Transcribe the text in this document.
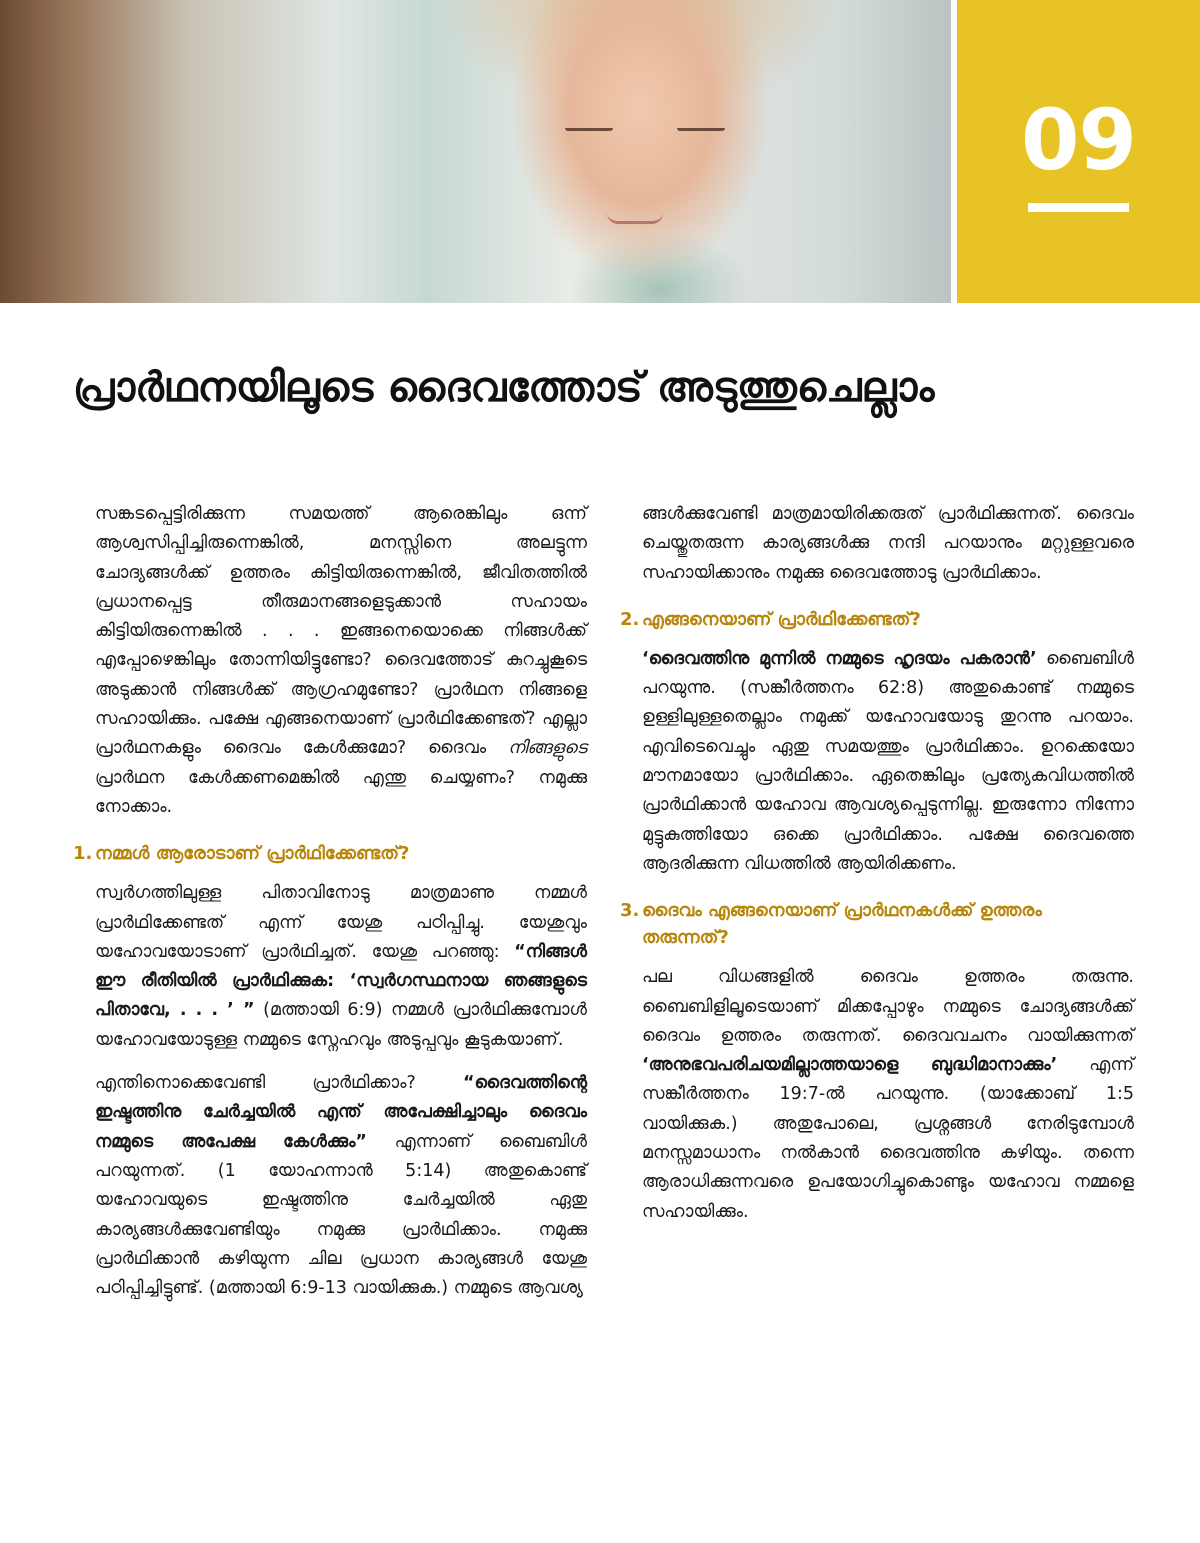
09
പ്രാർഥനയിലൂടെ ദൈവത്തോട് അടുത്തുചെല്ലാം

സങ്കടപ്പെട്ടിരിക്കുന്ന സമയത്ത് ആരെങ്കിലും ഒന്ന് ആശ്വസിപ്പിച്ചിരുന്നെങ്കിൽ, മനസ്സിനെ അലട്ടുന്ന ചോദ്യങ്ങൾക്ക് ഉത്തരം കിട്ടിയിരുന്നെങ്കിൽ, ജീവിതത്തിൽ പ്രധാനപ്പെട്ട തീരുമാനങ്ങളെടുക്കാൻ സഹായം കിട്ടിയിരുന്നെങ്കിൽ . . . ഇങ്ങനെയൊക്കെ നിങ്ങൾക്ക് എപ്പോഴെങ്കിലും തോന്നിയിട്ടുണ്ടോ? ദൈവത്തോട് കുറച്ചുകൂടെ അടുക്കാൻ നിങ്ങൾക്ക് ആഗ്രഹമുണ്ടോ? പ്രാർഥന നിങ്ങളെ സഹായിക്കും. പക്ഷേ എങ്ങനെയാണ് പ്രാർഥിക്കേണ്ടത്? എല്ലാ പ്രാർഥനകളും ദൈവം കേൾക്കുമോ? ദൈവം നിങ്ങളുടെ പ്രാർഥന കേൾക്കണമെങ്കിൽ എന്തു ചെയ്യണം? നമുക്കു നോക്കാം.

1. നമ്മൾ ആരോടാണ് പ്രാർഥിക്കേണ്ടത്?

സ്വർഗത്തിലുള്ള പിതാവിനോടു മാത്രമാണു നമ്മൾ പ്രാർഥിക്കേണ്ടത് എന്ന് യേശു പഠിപ്പിച്ചു. യേശുവും യഹോവയോടാണ് പ്രാർഥിച്ചത്. യേശു പറഞ്ഞു: “നിങ്ങൾ ഈ രീതിയിൽ പ്രാർഥിക്കുക: ‘സ്വർഗസ്ഥനായ ഞങ്ങളുടെ പിതാവേ, . . . ’ ” (മത്തായി 6:9) നമ്മൾ പ്രാർഥിക്കുമ്പോൾ യഹോവയോടുള്ള നമ്മുടെ സ്നേഹവും അടുപ്പവും കൂടുകയാണ്.

എന്തിനൊക്കെവേണ്ടി പ്രാർഥിക്കാം? “ദൈവത്തിന്റെ ഇഷ്ടത്തിനു ചേർച്ചയിൽ എന്ത് അപേക്ഷിച്ചാലും ദൈവം നമ്മുടെ അപേക്ഷ കേൾക്കും” എന്നാണ് ബൈബിൾ പറയുന്നത്. (1 യോഹന്നാൻ 5:14) അതുകൊണ്ട് യഹോവയുടെ ഇഷ്ടത്തിനു ചേർച്ചയിൽ ഏതു കാര്യങ്ങൾക്കുവേണ്ടിയും നമുക്കു പ്രാർഥിക്കാം. നമുക്കു പ്രാർഥിക്കാൻ കഴിയുന്ന ചില പ്രധാന കാര്യങ്ങൾ യേശു പഠിപ്പിച്ചിട്ടുണ്ട്. (മത്തായി 6:9-13 വായിക്കുക.) നമ്മുടെ ആവശ്യ

ങ്ങൾക്കുവേണ്ടി മാത്രമായിരിക്കരുത് പ്രാർഥിക്കുന്നത്. ദൈവം ചെയ്തുതരുന്ന കാര്യങ്ങൾക്കു നന്ദി പറയാനും മറ്റുള്ളവരെ സഹായിക്കാനും നമുക്കു ദൈവത്തോടു പ്രാർഥിക്കാം.

2. എങ്ങനെയാണ് പ്രാർഥിക്കേണ്ടത്?

‘ദൈവത്തിനു മുന്നിൽ നമ്മുടെ ഹൃദയം പകരാൻ’ ബൈബിൾ പറയുന്നു. (സങ്കീർത്തനം 62:8) അതുകൊണ്ട് നമ്മുടെ ഉള്ളിലുള്ളതെല്ലാം നമുക്ക് യഹോവയോടു തുറന്നു പറയാം. എവിടെവെച്ചും ഏതു സമയത്തും പ്രാർഥിക്കാം. ഉറക്കെയോ മൗനമായോ പ്രാർഥിക്കാം. ഏതെങ്കിലും പ്രത്യേകവിധത്തിൽ പ്രാർഥിക്കാൻ യഹോവ ആവശ്യപ്പെടുന്നില്ല. ഇരുന്നോ നിന്നോ മുട്ടുകുത്തിയോ ഒക്കെ പ്രാർഥിക്കാം. പക്ഷേ ദൈവത്തെ ആദരിക്കുന്ന വിധത്തിൽ ആയിരിക്കണം.

3. ദൈവം എങ്ങനെയാണ് പ്രാർഥനകൾക്ക് ഉത്തരം തരുന്നത്?

പല വിധങ്ങളിൽ ദൈവം ഉത്തരം തരുന്നു. ബൈബിളിലൂടെയാണ് മിക്കപ്പോഴും നമ്മുടെ ചോദ്യങ്ങൾക്ക് ദൈവം ഉത്തരം തരുന്നത്. ദൈവവചനം വായിക്കുന്നത് ‘അനുഭവപരിചയമില്ലാത്തയാളെ ബുദ്ധിമാനാക്കും’ എന്ന് സങ്കീർത്തനം 19:7-ൽ പറയുന്നു. (യാക്കോബ് 1:5 വായിക്കുക.) അതുപോലെ, പ്രശ്നങ്ങൾ നേരിടുമ്പോൾ മനസ്സമാധാനം നൽകാൻ ദൈവത്തിനു കഴിയും. തന്നെ ആരാധിക്കുന്നവരെ ഉപയോഗിച്ചുകൊണ്ടും യഹോവ നമ്മളെ സഹായിക്കും.
